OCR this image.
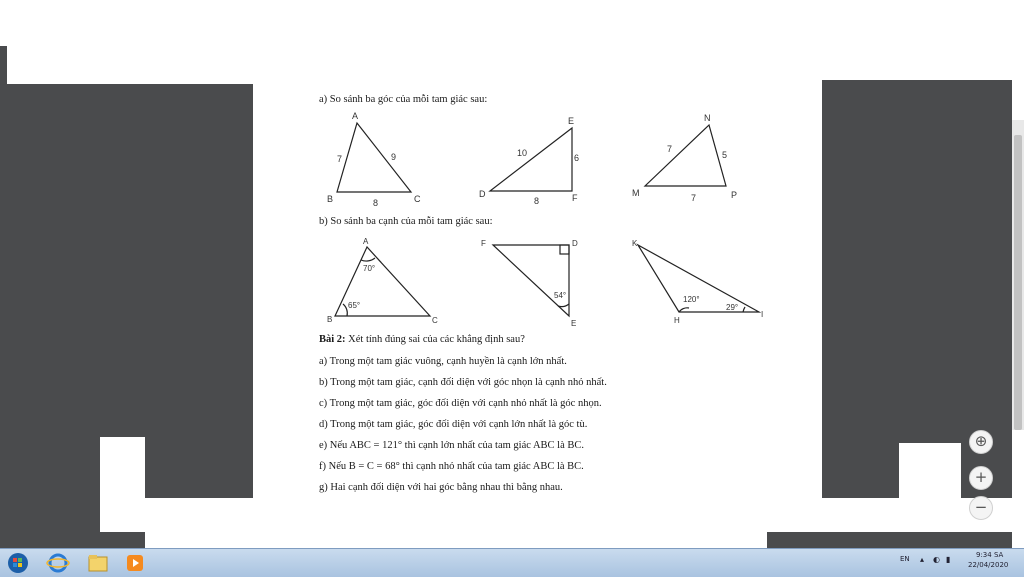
a) So sánh ba góc của mỗi tam giác sau:
A
B	C
7	9
8
E
D	F
10	6
8
N
M	P
7
5
7
b) So sánh ba cạnh của mỗi tam giác sau:
A
B	C
70°
65°
F	D
E
54°
K
H
I
120°
29°
Bài 2: Xét tính đúng sai của các khẳng định sau?
a) Trong một tam giác vuông, cạnh huyền là cạnh lớn nhất.
b) Trong một tam giác, cạnh đối diện với góc nhọn là cạnh nhỏ nhất.
c) Trong một tam giác, góc đối diện với cạnh nhỏ nhất là góc nhọn.
d) Trong một tam giác, góc đối diện với cạnh lớn nhất là góc tù.
e) Nếu ABC = 121° thì cạnh lớn nhất của tam giác ABC là BC.
f) Nếu B = C = 68° thì cạnh nhỏ nhất của tam giác ABC là BC.
g) Hai cạnh đối diện với hai góc bằng nhau thì bằng nhau.
⊕
+
−
EN ▴ ◐ ▮	9:34 SA
22/04/2020
